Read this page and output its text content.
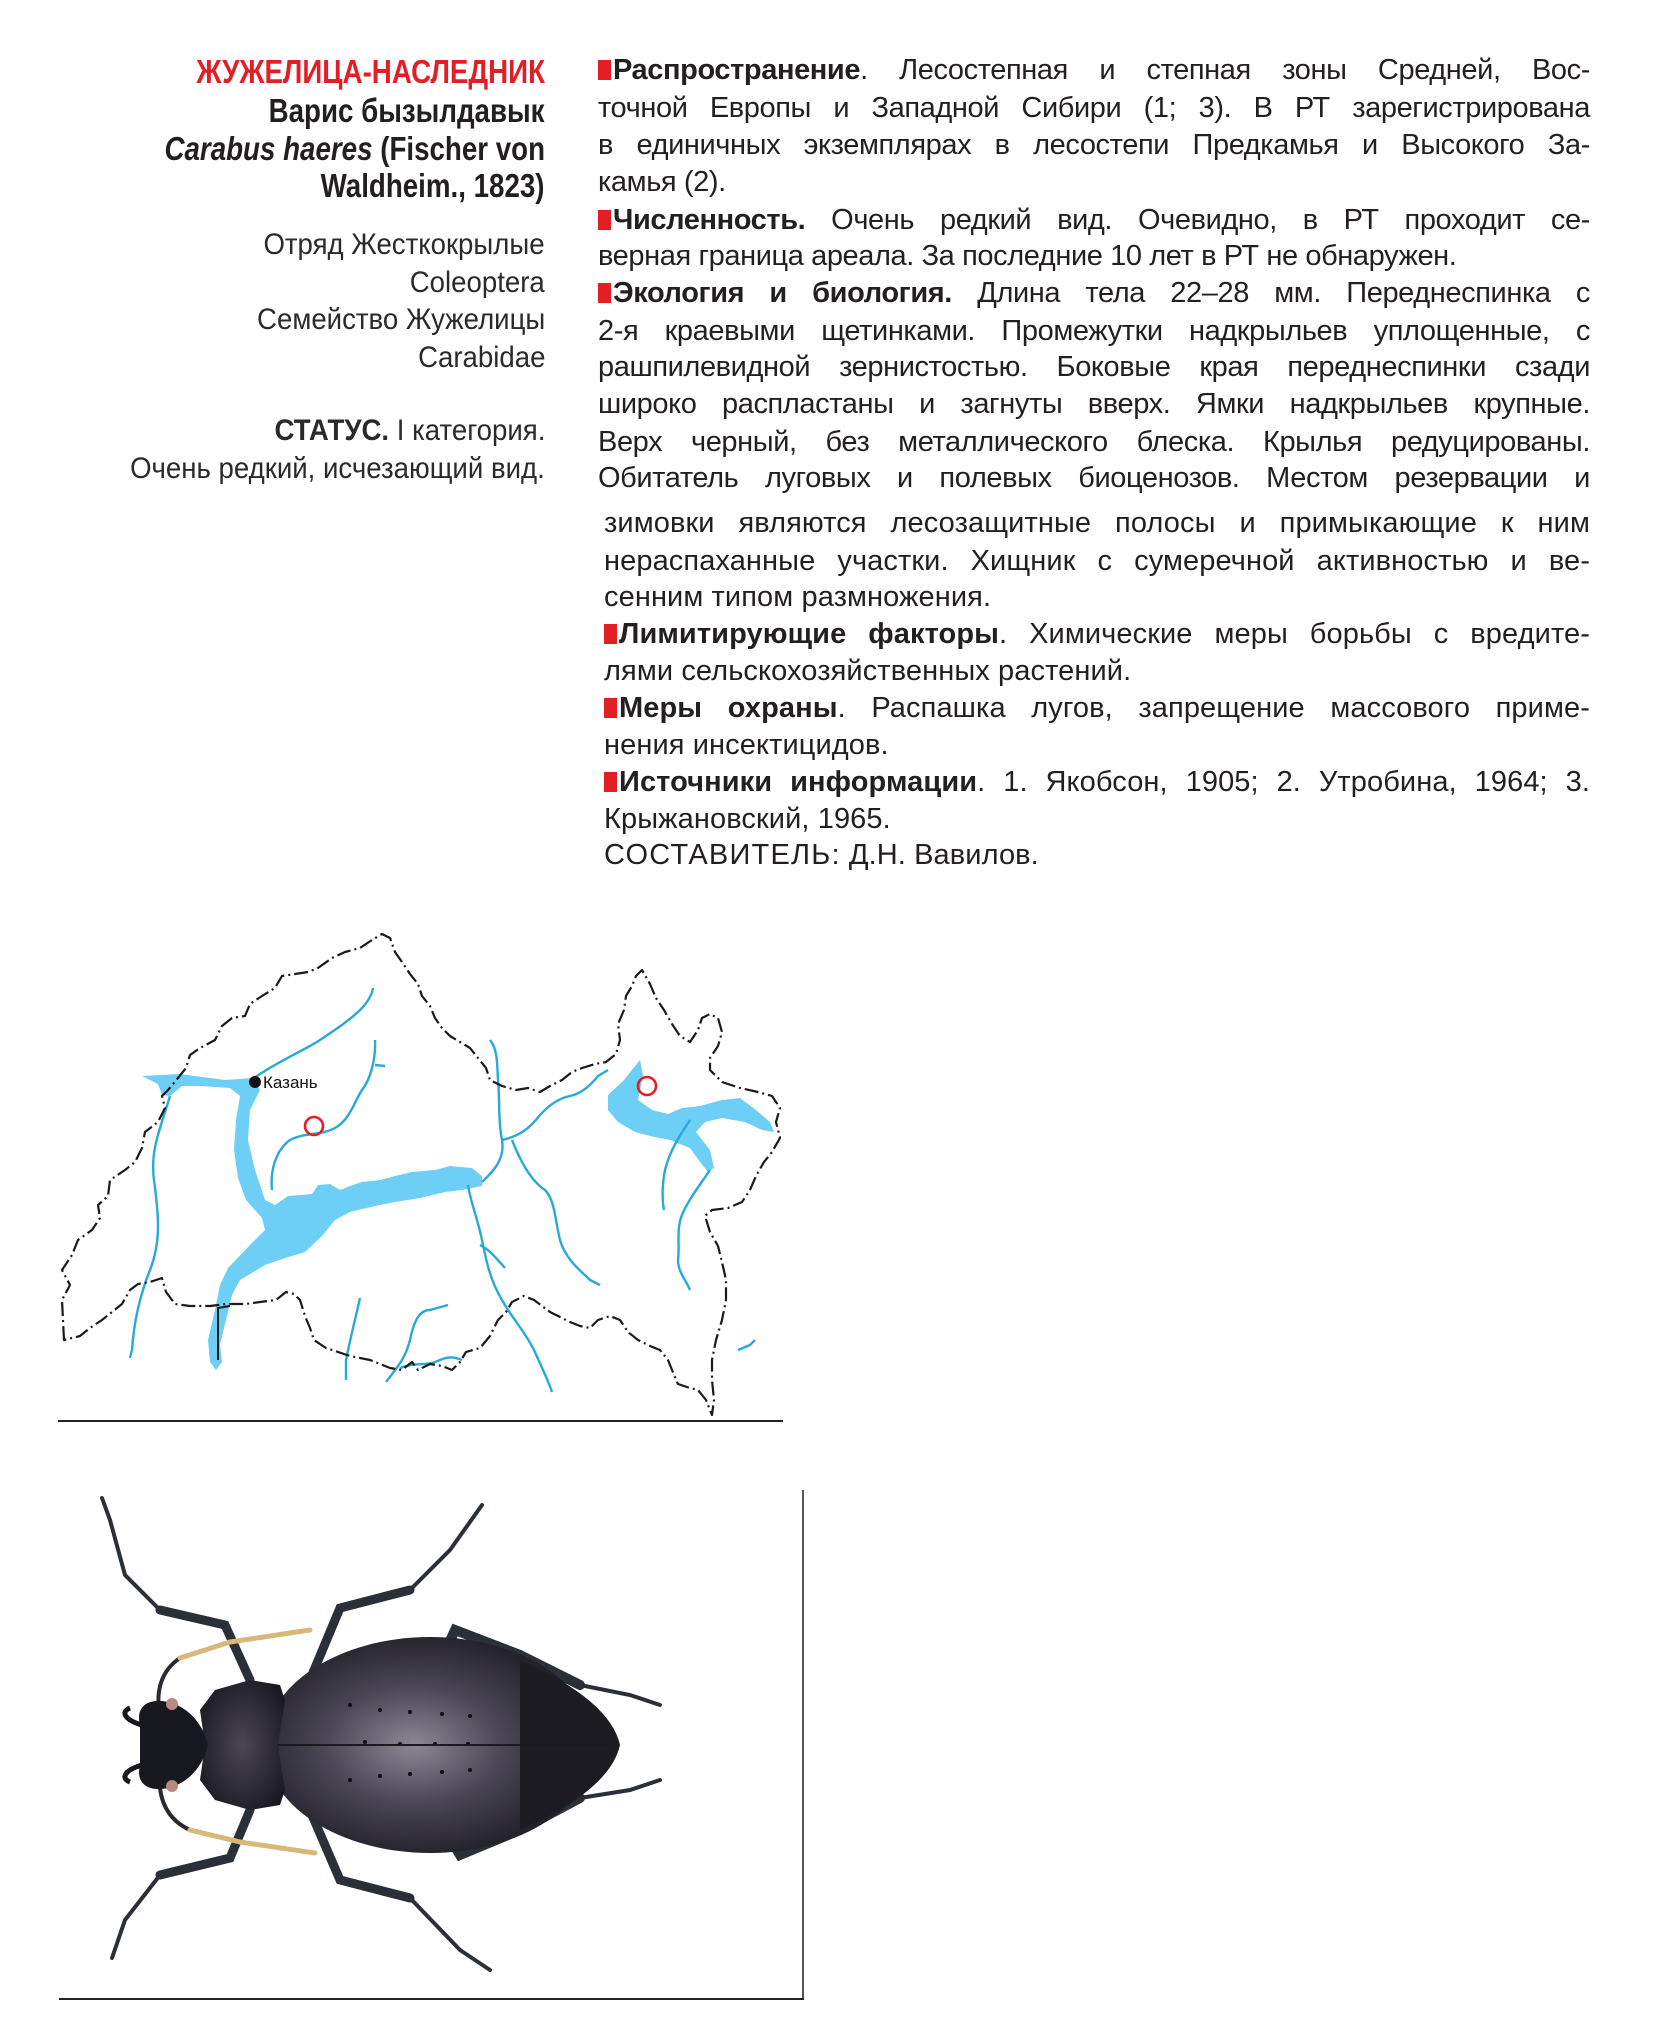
ЖУЖЕЛИЦА-НАСЛЕДНИК
Варис бызылдавык
Carabus haeres (Fischer von
Waldheim., 1823)
Отряд Жесткокрылые
Coleoptera
Семейство Жужелицы
Carabidae
СТАТУС. I категория.
Очень редкий, исчезающий вид.
Распространение. Лесостепная и степная зоны Средней, Вос-
точной Европы и Западной Сибири (1; 3). В РТ зарегистрирована
в единичных экземплярах в лесостепи Предкамья и Высокого За-
камья (2).
Численность. Очень редкий вид. Очевидно, в РТ проходит се-
верная граница ареала. За последние 10 лет в РТ не обнаружен.
Экология и биология. Длина тела 22–28 мм. Переднеспинка с
2-я краевыми щетинками. Промежутки надкрыльев уплощенные, с
рашпилевидной зернистостью. Боковые края переднеспинки сзади
широко распластаны и загнуты вверх. Ямки надкрыльев крупные.
Верх черный, без металлического блеска. Крылья редуцированы.
Обитатель луговых и полевых биоценозов. Местом резервации и
зимовки являются лесозащитные полосы и примыкающие к ним
нераспаханные участки. Хищник с сумеречной активностью и ве-
сенним типом размножения.
Лимитирующие факторы. Химические меры борьбы с вредите-
лями сельскохозяйственных растений.
Меры охраны. Распашка лугов, запрещение массового приме-
нения инсектицидов.
Источники информации. 1. Якобсон, 1905; 2. Утробина, 1964; 3.
Крыжановский, 1965.
СОСТАВИТЕЛЬ: Д.Н. Вавилов.
Казань
